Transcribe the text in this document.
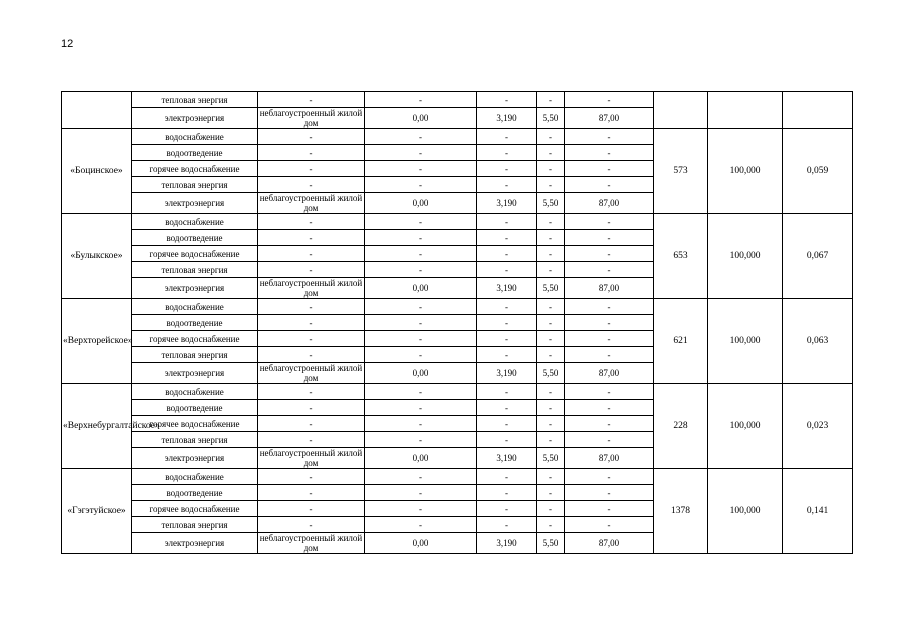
12
	тепловая энергия	-	-	-	-	-			
	электроэнергия	неблагоустроенный жилой дом	0,00	3,190	5,50	87,00			
«Боцинское»	водоснабжение	-	-	-	-	-	573	100,000	0,059
	водоотведение	-	-	-	-	-			
	горячее водоснабжение	-	-	-	-	-			
	тепловая энергия	-	-	-	-	-			
	электроэнергия	неблагоустроенный жилой дом	0,00	3,190	5,50	87,00			
«Булыкское»	водоснабжение	-	-	-	-	-	653	100,000	0,067
	водоотведение	-	-	-	-	-			
	горячее водоснабжение	-	-	-	-	-			
	тепловая энергия	-	-	-	-	-			
	электроэнергия	неблагоустроенный жилой дом	0,00	3,190	5,50	87,00			
«Верхторейское»	водоснабжение	-	-	-	-	-	621	100,000	0,063
	водоотведение	-	-	-	-	-			
	горячее водоснабжение	-	-	-	-	-			
	тепловая энергия	-	-	-	-	-			
	электроэнергия	неблагоустроенный жилой дом	0,00	3,190	5,50	87,00			
«Верхнебургалтайское»	водоснабжение	-	-	-	-	-	228	100,000	0,023
	водоотведение	-	-	-	-	-			
	горячее водоснабжение	-	-	-	-	-			
	тепловая энергия	-	-	-	-	-			
	электроэнергия	неблагоустроенный жилой дом	0,00	3,190	5,50	87,00			
«Гэгэтуйское»	водоснабжение	-	-	-	-	-	1378	100,000	0,141
	водоотведение	-	-	-	-	-			
	горячее водоснабжение	-	-	-	-	-			
	тепловая энергия	-	-	-	-	-			
	электроэнергия	неблагоустроенный жилой дом	0,00	3,190	5,50	87,00			
